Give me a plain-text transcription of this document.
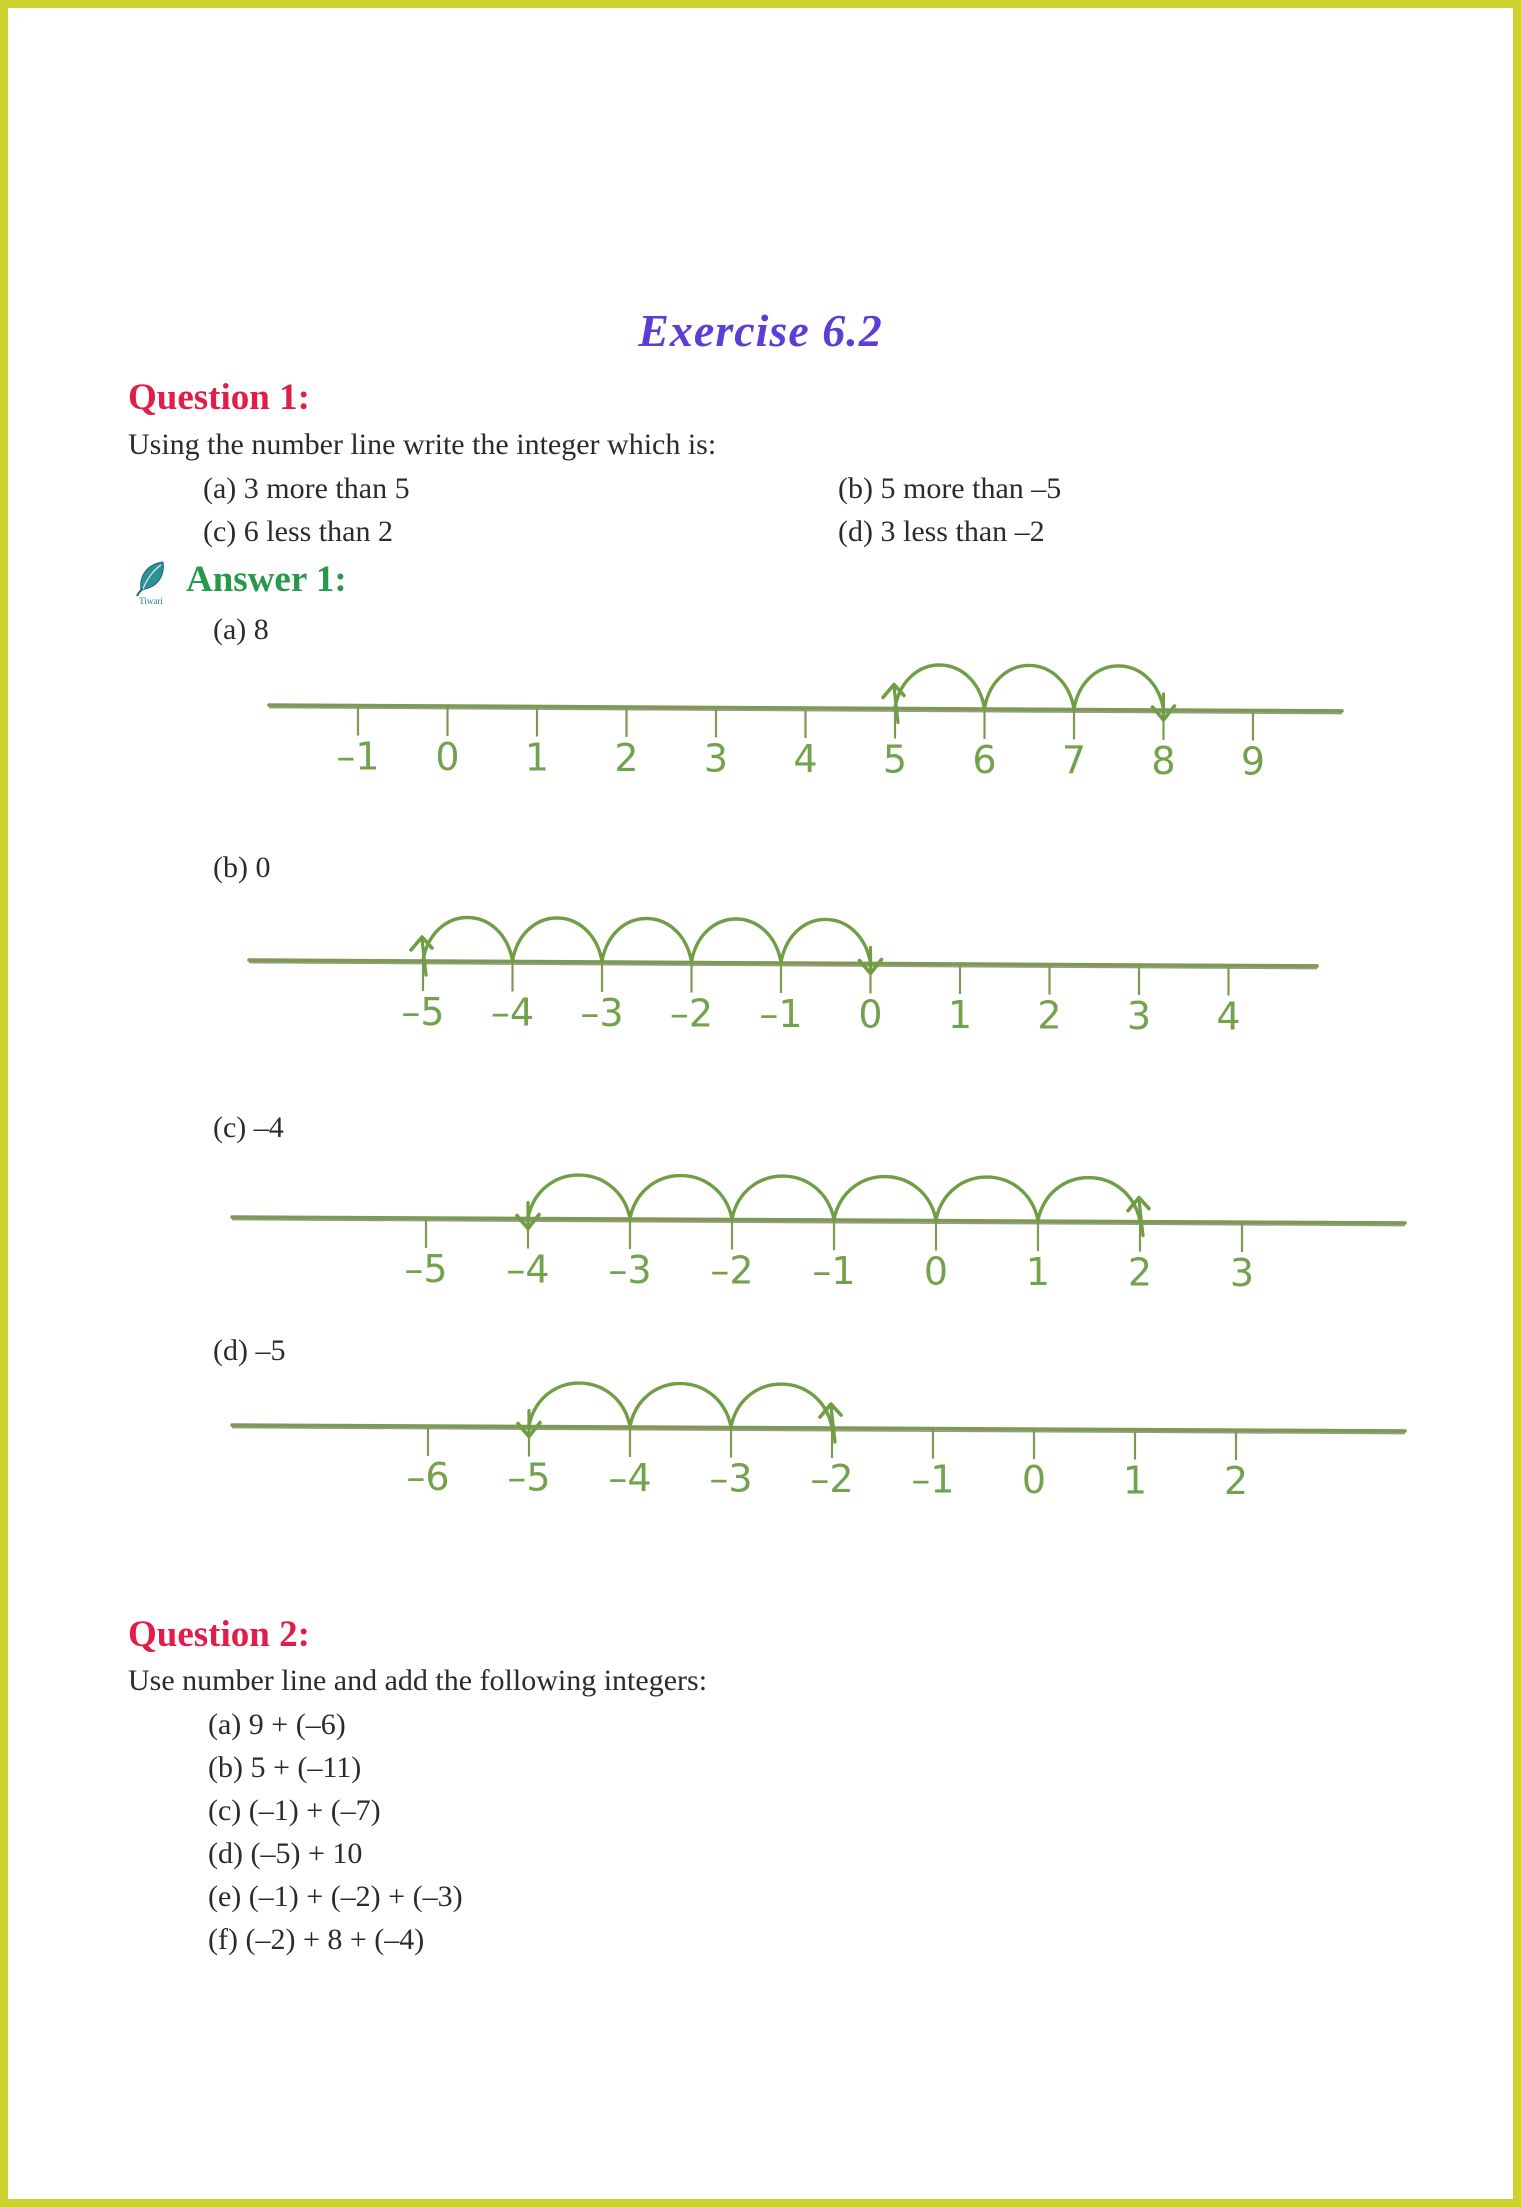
Exercise 6.2
Question 1:
Using the number line write the integer which is:
(a) 3 more than 5	(b) 5 more than –5
(c) 6 less than 2	(d) 3 less than –2
Tiwari
Answer 1:
(a) 8
–1 0 1 2 3 4 5 6 7 8 9
(b) 0
–5 –4 –3 –2 –1 0 1 2 3 4
(c) –4
–5 –4 –3 –2 –1 0 1 2 3
(d) –5
–6 –5 –4 –3 –2 –1 0 1 2
Question 2:
Use number line and add the following integers:
(a) 9 + (–6)
(b) 5 + (–11)
(c) (–1) + (–7)
(d) (–5) + 10
(e) (–1) + (–2) + (–3)
(f) (–2) + 8 + (–4)
